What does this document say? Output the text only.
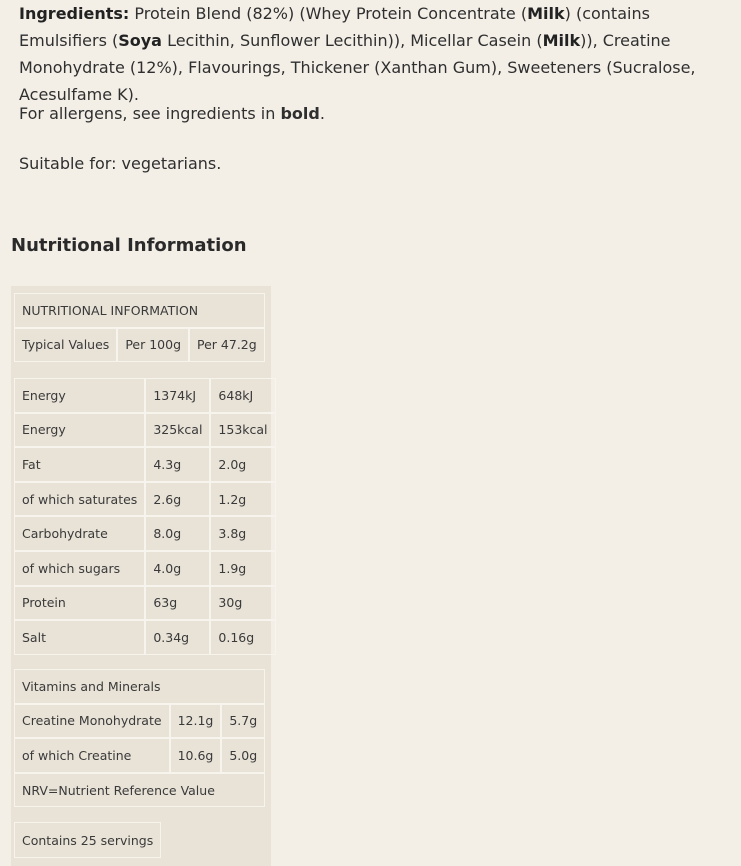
Ingredients: Protein Blend (82%) (Whey Protein Concentrate (Milk) (contains Emulsifiers (Soya Lecithin, Sunflower Lecithin)), Micellar Casein (Milk)), Creatine Monohydrate (12%), Flavourings, Thickener (Xanthan Gum), Sweeteners (Sucralose, Acesulfame K).

For allergens, see ingredients in bold.

Suitable for: vegetarians.

Nutritional Information
NUTRITIONAL INFORMATION
Typical Values	Per 100g	Per 47.2g
Energy	1374kJ	648kJ
Energy	325kcal	153kcal
Fat	4.3g	2.0g
of which saturates	2.6g	1.2g
Carbohydrate	8.0g	3.8g
of which sugars	4.0g	1.9g
Protein	63g	30g
Salt	0.34g	0.16g
Vitamins and Minerals		
Creatine Monohydrate	12.1g	5.7g
of which Creatine	10.6g	5.0g
NRV=Nutrient Reference Value		
Contains 25 servings
